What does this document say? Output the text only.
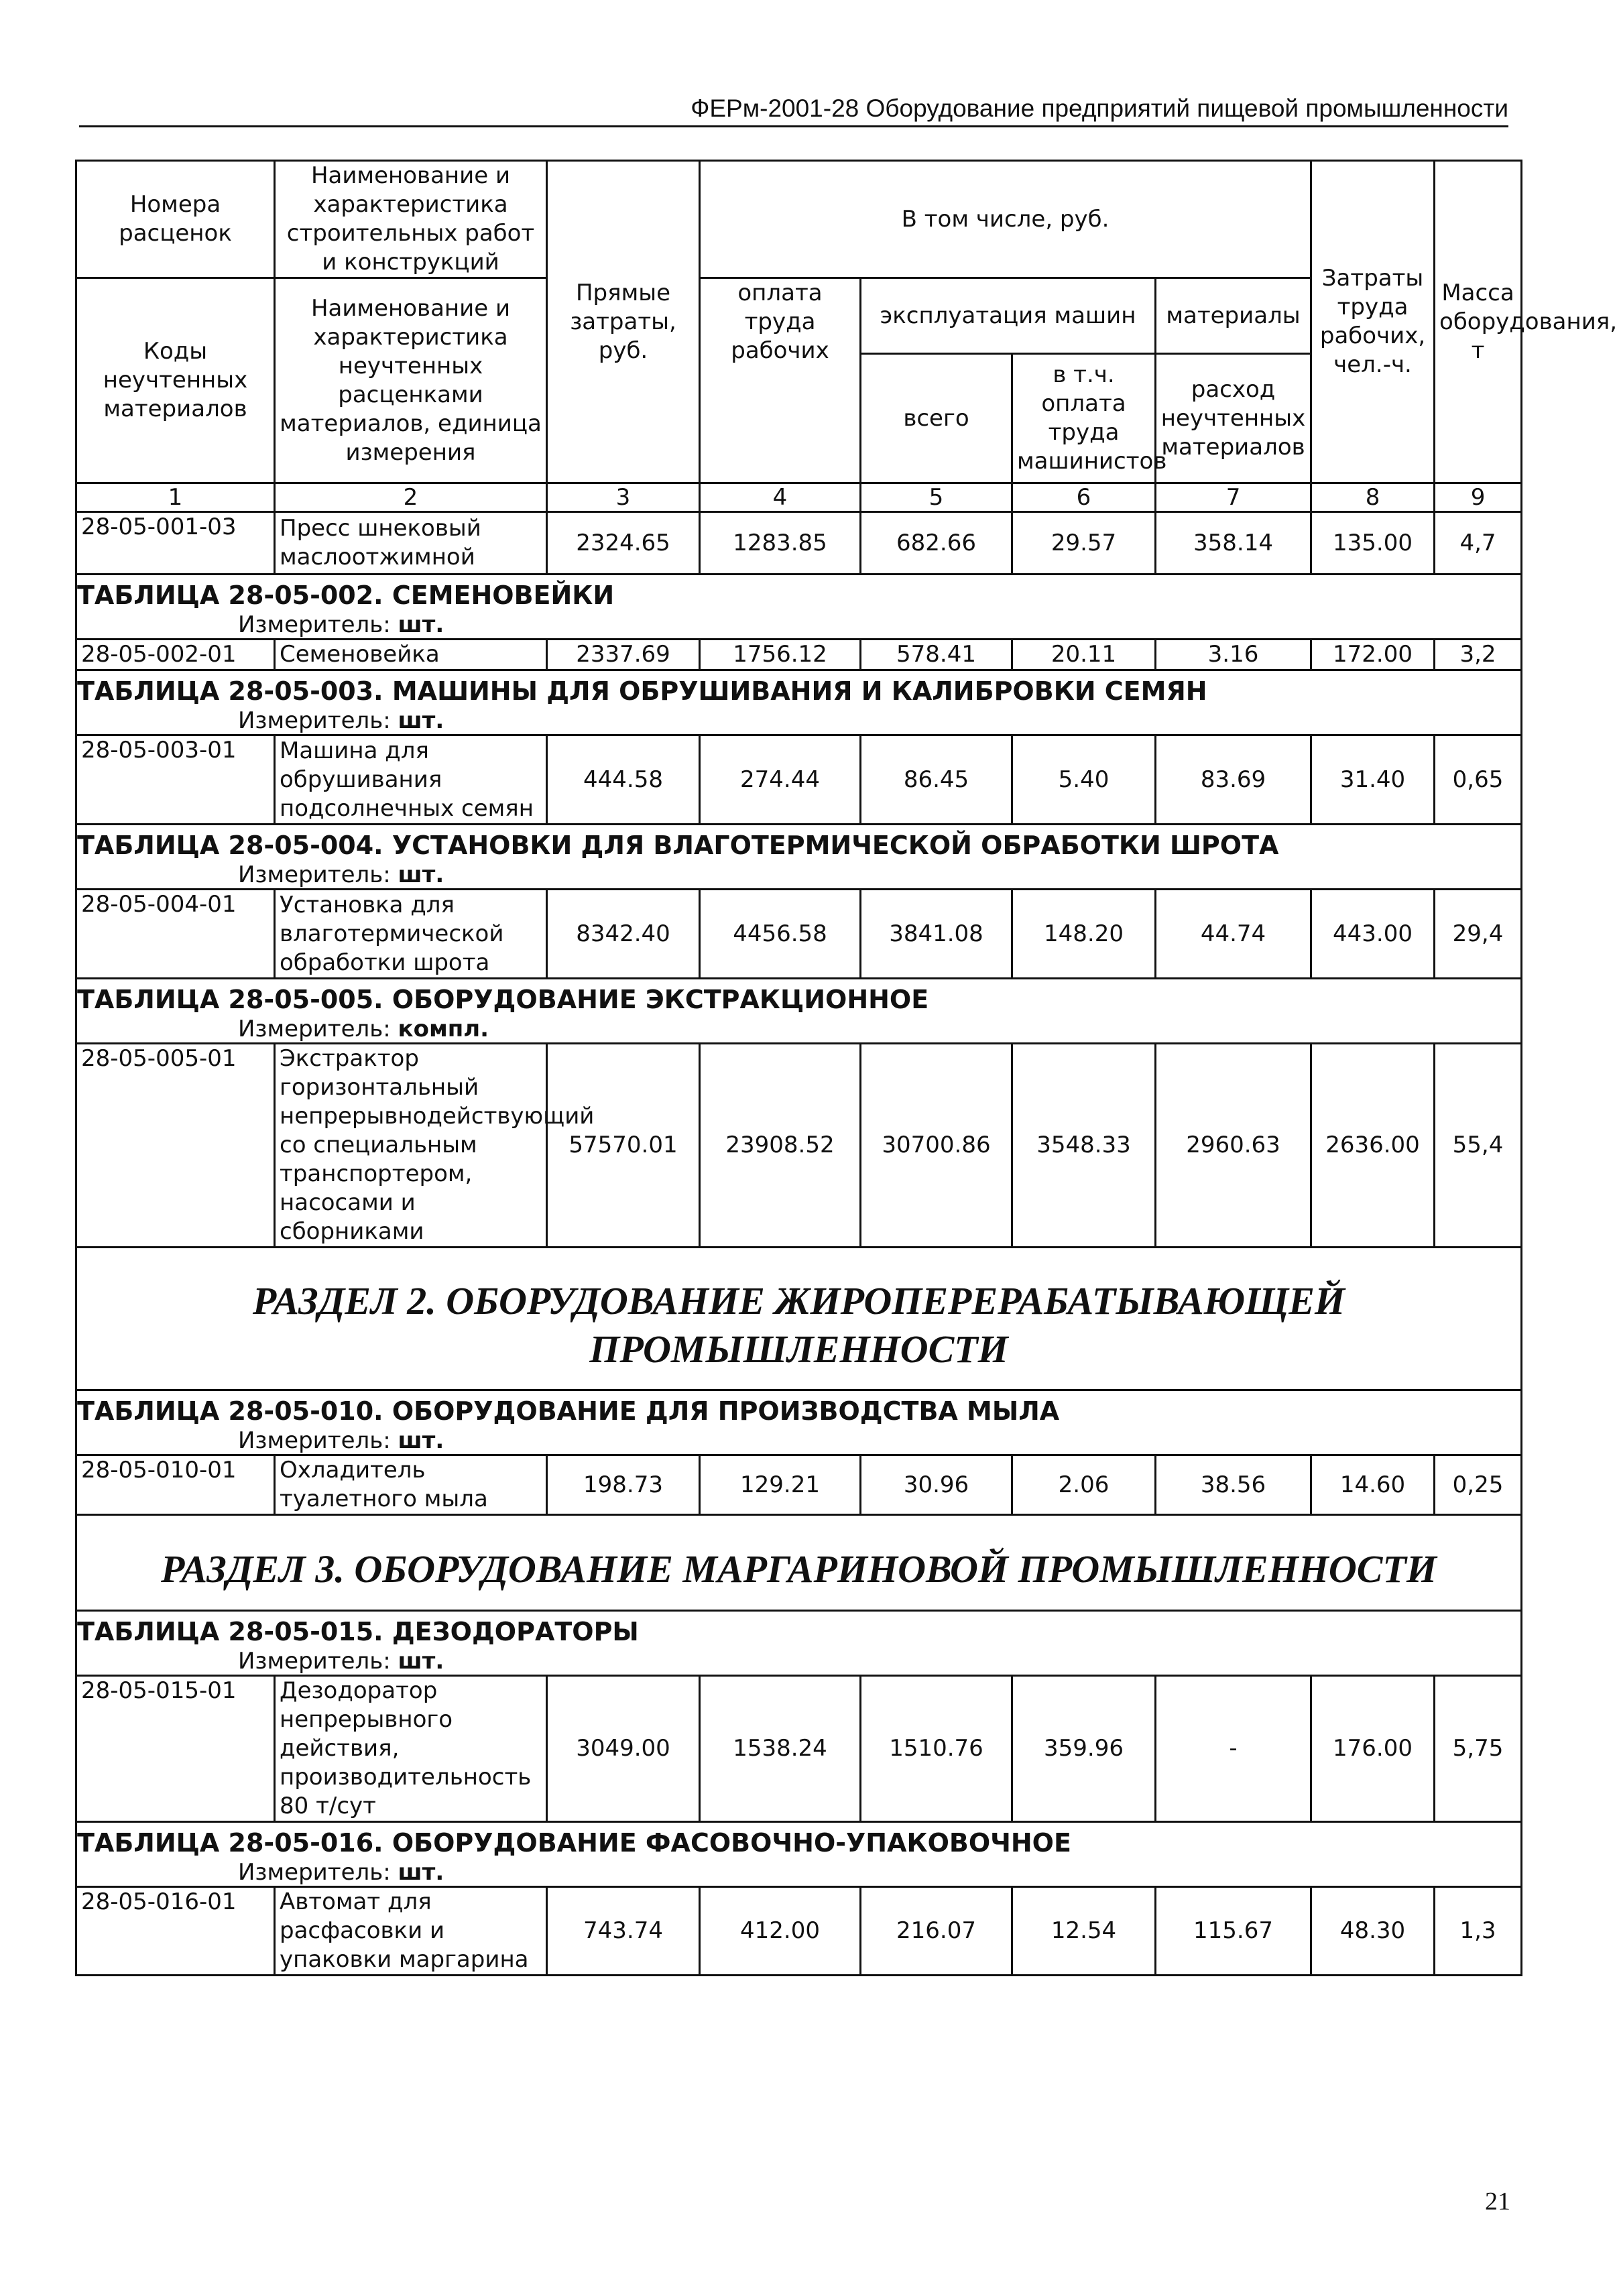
ФЕРм-2001-28 Оборудование предприятий пищевой промышленности
Номера расценок	Наименование и характеристика строительных работ и конструкций	Прямые затраты, руб.	В том числе, руб.				Затраты труда рабочих, чел.-ч.	Масса оборудования, т
Коды неучтенных материалов	Наименование и характеристика неучтенных расценками материалов, единица измерения		оплата труда рабочих	эксплуатация машин		материалы		
				всего	в т.ч. оплата труда машинистов	расход неучтенных материалов		
1	2	3	4	5	6	7	8	9
28-05-001-03	Пресс шнековый маслоотжимной	2324.65	1283.85	682.66	29.57	358.14	135.00	4,7
ТАБЛИЦА 28-05-002. СЕМЕНОВЕЙКИ								
Измеритель: шт.								
28-05-002-01	Семеновейка	2337.69	1756.12	578.41	20.11	3.16	172.00	3,2
ТАБЛИЦА 28-05-003. МАШИНЫ ДЛЯ ОБРУШИВАНИЯ И КАЛИБРОВКИ СЕМЯН								
Измеритель: шт.								
28-05-003-01	Машина для обрушивания подсолнечных семян	444.58	274.44	86.45	5.40	83.69	31.40	0,65
ТАБЛИЦА 28-05-004. УСТАНОВКИ ДЛЯ ВЛАГОТЕРМИЧЕСКОЙ ОБРАБОТКИ ШРОТА								
Измеритель: шт.								
28-05-004-01	Установка для влаготермической обработки шрота	8342.40	4456.58	3841.08	148.20	44.74	443.00	29,4
ТАБЛИЦА 28-05-005. ОБОРУДОВАНИЕ ЭКСТРАКЦИОННОЕ								
Измеритель: компл.								
28-05-005-01	Экстрактор горизонтальный непрерывнодействующий со специальным транспортером, насосами и сборниками	57570.01	23908.52	30700.86	3548.33	2960.63	2636.00	55,4
РАЗДЕЛ 2. ОБОРУДОВАНИЕ ЖИРОПЕРЕРАБАТЫВАЮЩЕЙ ПРОМЫШЛЕННОСТИ								
ТАБЛИЦА 28-05-010. ОБОРУДОВАНИЕ ДЛЯ ПРОИЗВОДСТВА МЫЛА								
Измеритель: шт.								
28-05-010-01	Охладитель туалетного мыла	198.73	129.21	30.96	2.06	38.56	14.60	0,25
РАЗДЕЛ 3. ОБОРУДОВАНИЕ МАРГАРИНОВОЙ ПРОМЫШЛЕННОСТИ								
ТАБЛИЦА 28-05-015. ДЕЗОДОРАТОРЫ								
Измеритель: шт.								
28-05-015-01	Дезодоратор непрерывного действия, производительность 80 т/сут	3049.00	1538.24	1510.76	359.96	-	176.00	5,75
ТАБЛИЦА 28-05-016. ОБОРУДОВАНИЕ ФАСОВОЧНО-УПАКОВОЧНОЕ								
Измеритель: шт.								
28-05-016-01	Автомат для расфасовки и упаковки маргарина	743.74	412.00	216.07	12.54	115.67	48.30	1,3
21
